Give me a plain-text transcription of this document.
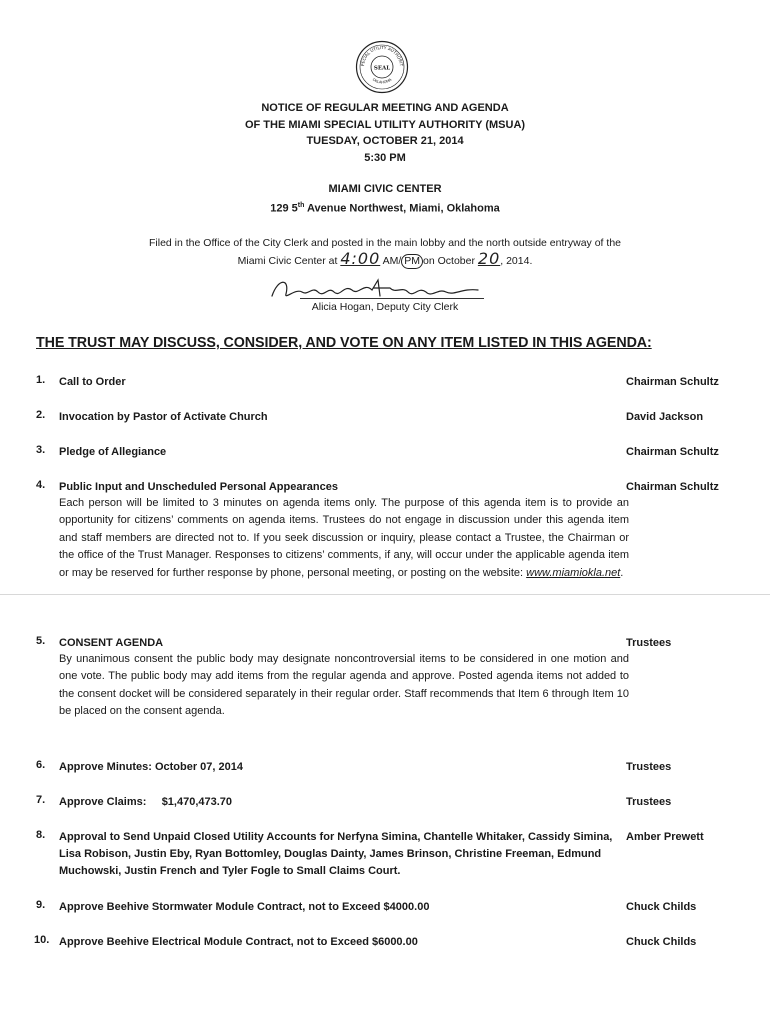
PECIAL UTILITY AUTHORIT
SEAL
OKLAHOMA
NOTICE OF REGULAR MEETING AND AGENDA
OF THE MIAMI SPECIAL UTILITY AUTHORITY (MSUA)
TUESDAY, OCTOBER 21, 2014
5:30 PM
MIAMI CIVIC CENTER
129 5th Avenue Northwest, Miami, Oklahoma
Filed in the Office of the City Clerk and posted in the main lobby and the north outside entryway of the
Miami Civic Center at 4:00 AM/ PM on October 20, 2014.
Alicia Hogan, Deputy City Clerk
THE TRUST MAY DISCUSS, CONSIDER, AND VOTE ON ANY ITEM LISTED IN THIS AGENDA:
1.	Call to Order	Chairman Schultz
2.	Invocation by Pastor of Activate Church	David Jackson
3.	Pledge of Allegiance	Chairman Schultz
4.	Public Input and Unscheduled Personal Appearances
Each person will be limited to 3 minutes on agenda items only. The purpose of this agenda item is to provide an opportunity for citizens’ comments on agenda items. Trustees do not engage in discussion under this agenda item and staff members are directed not to. If you seek discussion or inquiry, please contact a Trustee, the Chairman or the office of the Trust Manager. Responses to citizens’ comments, if any, will occur under the applicable agenda item or may be reserved for further response by phone, personal meeting, or posting on the website: www.miamiokla.net.
Chairman Schultz
5.	CONSENT AGENDA
By unanimous consent the public body may designate noncontroversial items to be considered in one motion and one vote. The public body may add items from the regular agenda and approve. Posted agenda items not added to the consent docket will be considered separately in their regular order. Staff recommends that Item 6 through Item 10 be placed on the consent agenda.
Trustees
6.	Approve Minutes: October 07, 2014	Trustees
7.	Approve Claims:     $1,470,473.70	Trustees
8.	Approval to Send Unpaid Closed Utility Accounts for Nerfyna Simina, Chantelle Whitaker, Cassidy Simina, Lisa Robison, Justin Eby, Ryan Bottomley, Douglas Dainty, James Brinson, Christine Freeman, Edmund Muchowski, Justin French and Tyler Fogle to Small Claims Court.
Amber Prewett
9.	Approve Beehive Stormwater Module Contract, not to Exceed $4000.00	Chuck Childs
10. Approve Beehive Electrical Module Contract, not to Exceed $6000.00	Chuck Childs
